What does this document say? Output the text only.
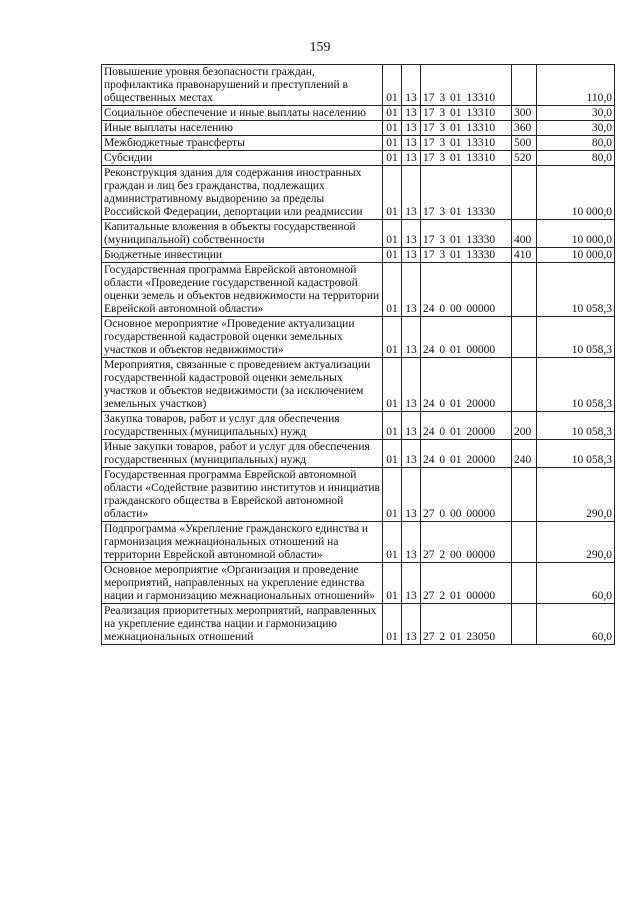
159
Повышение уровня безопасности граждан, профилактика правонарушений и преступлений в общественных местах	01	13	17 3 01 13310		110,0

Социальное обеспечение и иные выплаты населению	01	13	17 3 01 13310	300	30,0

Иные выплаты населению	01	13	17 3 01 13310	360	30,0

Межбюджетные трансферты	01	13	17 3 01 13310	500	80,0

Субсидии	01	13	17 3 01 13310	520	80,0

Реконструкция здания для содержания иностранных граждан и лиц без гражданства, подлежащих административному выдворению за пределы Российской Федерации, депортации или реадмиссии	01	13	17 3 01 13330		10 000,0

Капитальные вложения в объекты государственной (муниципальной) собственности	01	13	17 3 01 13330	400	10 000,0

Бюджетные инвестиции	01	13	17 3 01 13330	410	10 000,0

Государственная программа Еврейской автономной области «Проведение государственной кадастровой оценки земель и объектов недвижимости на территории Еврейской автономной области»	01	13	24 0 00 00000		10 058,3

Основное мероприятие «Проведение актуализации государственной кадастровой оценки земельных участков и объектов недвижимости»	01	13	24 0 01 00000		10 058,3

Мероприятия, связанные с проведением актуализации государственной кадастровой оценки земельных участков и объектов недвижимости (за исключением земельных участков)	01	13	24 0 01 20000		10 058,3

Закупка товаров, работ и услуг для обеспечения государственных (муниципальных) нужд	01	13	24 0 01 20000	200	10 058,3

Иные закупки товаров, работ и услуг для обеспечения государственных (муниципальных) нужд	01	13	24 0 01 20000	240	10 058,3

Государственная программа Еврейской автономной области «Содействие развитию институтов и инициатив гражданского общества в Еврейской автономной области»	01	13	27 0 00 00000		290,0

Подпрограмма «Укрепление гражданского единства и гармонизация межнациональных отношений на территории Еврейской автономной области»	01	13	27 2 00 00000		290,0

Основное мероприятие «Организация и проведение мероприятий, направленных на укрепление единства нации и гармонизацию межнациональных отношений»	01	13	27 2 01 00000		60,0

Реализация приоритетных мероприятий, направленных на укрепление единства нации и гармонизацию межнациональных отношений	01	13	27 2 01 23050		60,0
